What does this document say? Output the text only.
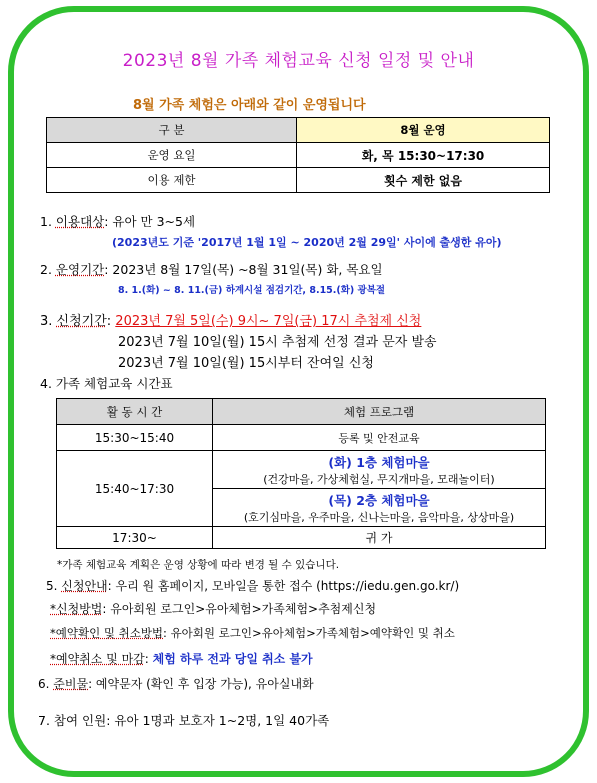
2023년 8월 가족 체험교육 신청 일정 및 안내
8월 가족 체험은 아래와 같이 운영됩니다
구 분	8월 운영
운영 요일	화, 목 15:30~17:30
이용 제한	횟수 제한 없음
1. 이용대상: 유아 만 3~5세
(2023년도 기준 '2017년 1월 1일 ~ 2020년 2월 29일' 사이에 출생한 유아)
2. 운영기간: 2023년 8월 17일(목) ~8월 31일(목) 화, 목요일
8. 1.(화) ~ 8. 11.(금) 하계시설 점검기간, 8.15.(화) 광복절
3. 신청기간: 2023년 7월 5일(수) 9시~ 7일(금) 17시 추첨제 신청
2023년 7월 10일(월) 15시 추첨제 선정 결과 문자 발송
2023년 7월 10일(월) 15시부터 잔여일 신청
4. 가족 체험교육 시간표
활 동 시 간	체험 프로그램
15:30~15:40	등록 및 안전교육
15:40~17:30	(화) 1층 체험마을
(건강마을, 가상체험실, 무지개마을, 모래놀이터)

	(목) 2층 체험마을
(호기심마을, 우주마을, 신나는마을, 음악마을, 상상마을)

17:30~	귀 가
*가족 체험교육 계획은 운영 상황에 따라 변경 될 수 있습니다.
5. 신청안내: 우리 원 홈페이지, 모바일을 통한 접수 (https://iedu.gen.go.kr/)
*신청방법: 유아회원 로그인>유아체험>가족체험>추첨제신청
*예약확인 및 취소방법: 유아회원 로그인>유아체험>가족체험>예약확인 및 취소
*예약취소 및 마감: 체험 하루 전과 당일 취소 불가
6. 준비물: 예약문자 (확인 후 입장 가능), 유아실내화
7. 참여 인원: 유아 1명과 보호자 1~2명, 1일 40가족
